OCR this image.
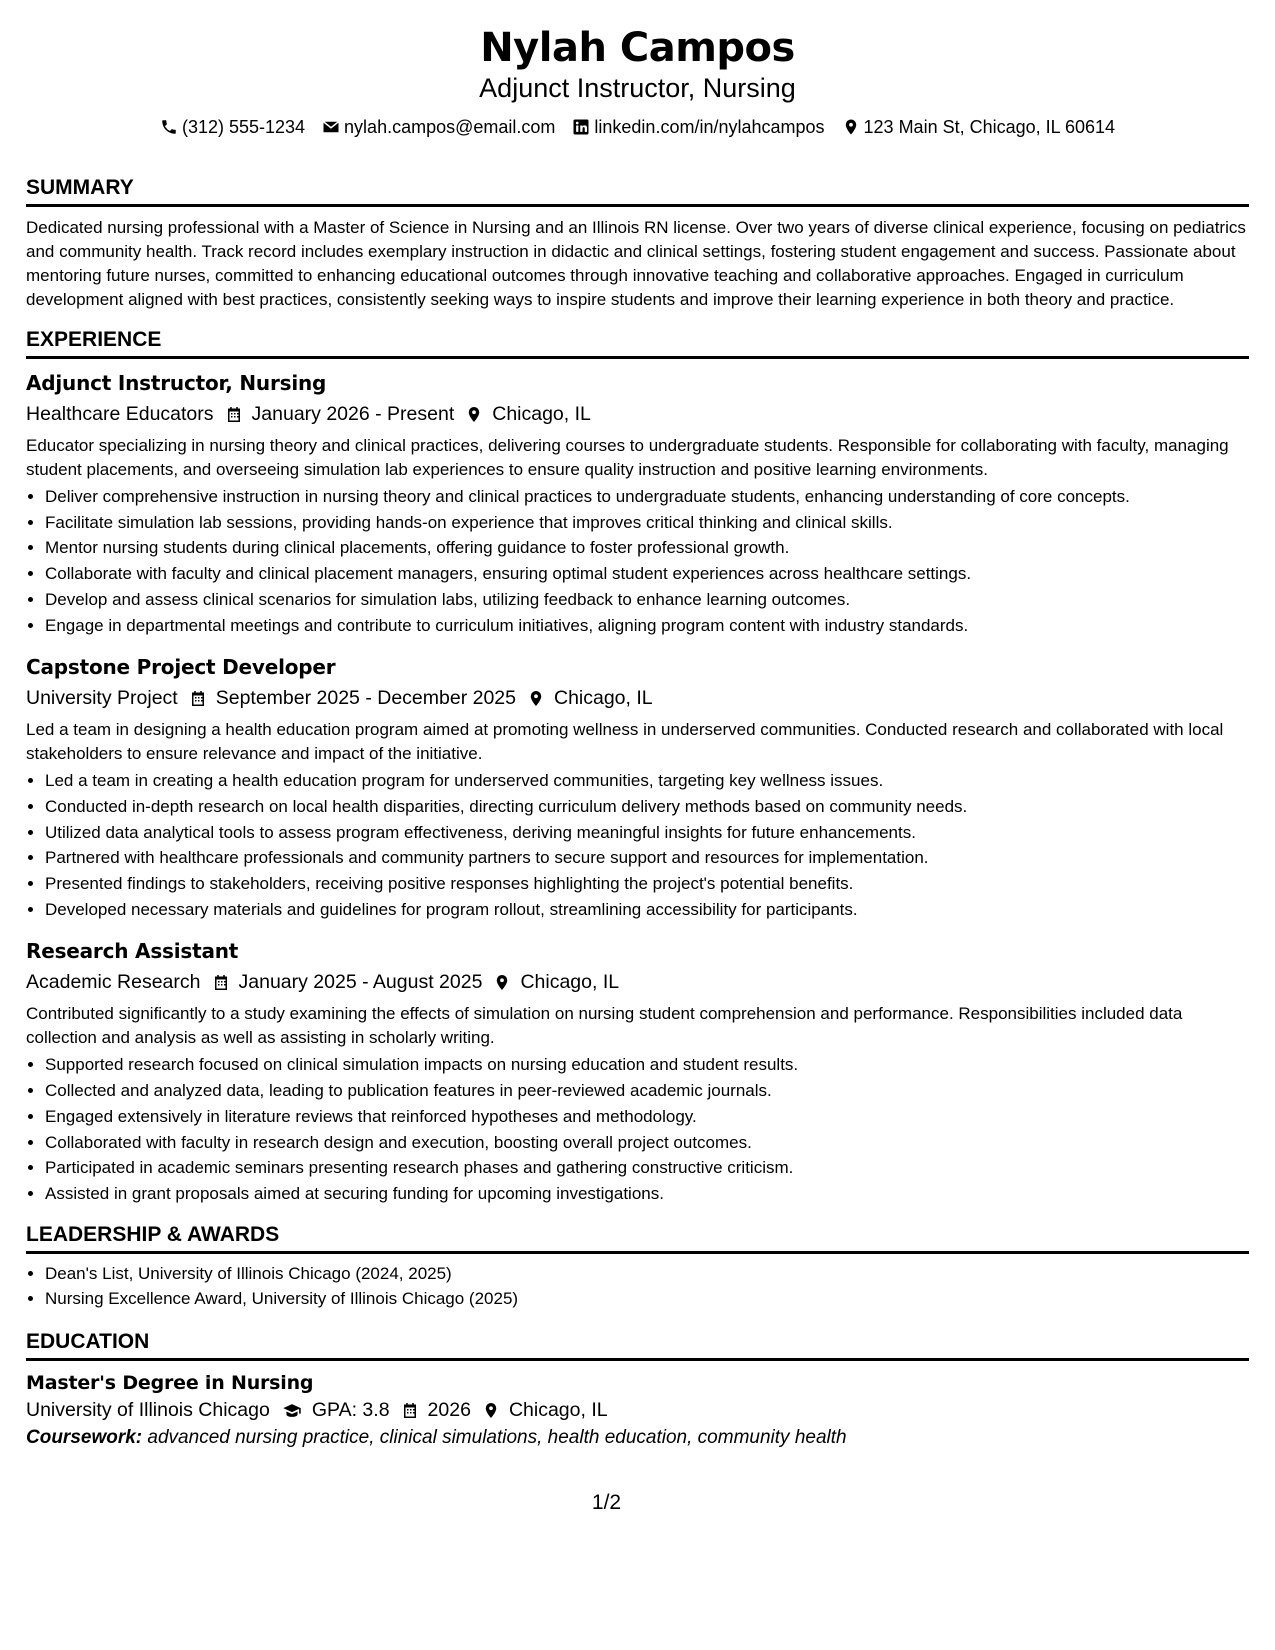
Nylah Campos
Adjunct Instructor, Nursing
(312) 555-1234 nylah.campos@email.com linkedin.com/in/nylahcampos 123 Main St, Chicago, IL 60614
SUMMARY
Dedicated nursing professional with a Master of Science in Nursing and an Illinois RN license. Over two years of diverse clinical experience, focusing on pediatrics and community health. Track record includes exemplary instruction in didactic and clinical settings, fostering student engagement and success. Passionate about mentoring future nurses, committed to enhancing educational outcomes through innovative teaching and collaborative approaches. Engaged in curriculum development aligned with best practices, consistently seeking ways to inspire students and improve their learning experience in both theory and practice.
EXPERIENCE
Adjunct Instructor, Nursing
Healthcare Educators January 2026 - Present Chicago, IL
Educator specializing in nursing theory and clinical practices, delivering courses to undergraduate students. Responsible for collaborating with faculty, managing student placements, and overseeing simulation lab experiences to ensure quality instruction and positive learning environments.
• Deliver comprehensive instruction in nursing theory and clinical practices to undergraduate students, enhancing understanding of core concepts.
• Facilitate simulation lab sessions, providing hands-on experience that improves critical thinking and clinical skills.
• Mentor nursing students during clinical placements, offering guidance to foster professional growth.
• Collaborate with faculty and clinical placement managers, ensuring optimal student experiences across healthcare settings.
• Develop and assess clinical scenarios for simulation labs, utilizing feedback to enhance learning outcomes.
• Engage in departmental meetings and contribute to curriculum initiatives, aligning program content with industry standards.
Capstone Project Developer
University Project September 2025 - December 2025 Chicago, IL
Led a team in designing a health education program aimed at promoting wellness in underserved communities. Conducted research and collaborated with local stakeholders to ensure relevance and impact of the initiative.
• Led a team in creating a health education program for underserved communities, targeting key wellness issues.
• Conducted in-depth research on local health disparities, directing curriculum delivery methods based on community needs.
• Utilized data analytical tools to assess program effectiveness, deriving meaningful insights for future enhancements.
• Partnered with healthcare professionals and community partners to secure support and resources for implementation.
• Presented findings to stakeholders, receiving positive responses highlighting the project's potential benefits.
• Developed necessary materials and guidelines for program rollout, streamlining accessibility for participants.
Research Assistant
Academic Research January 2025 - August 2025 Chicago, IL
Contributed significantly to a study examining the effects of simulation on nursing student comprehension and performance. Responsibilities included data collection and analysis as well as assisting in scholarly writing.
• Supported research focused on clinical simulation impacts on nursing education and student results.
• Collected and analyzed data, leading to publication features in peer-reviewed academic journals.
• Engaged extensively in literature reviews that reinforced hypotheses and methodology.
• Collaborated with faculty in research design and execution, boosting overall project outcomes.
• Participated in academic seminars presenting research phases and gathering constructive criticism.
• Assisted in grant proposals aimed at securing funding for upcoming investigations.
LEADERSHIP & AWARDS
• Dean's List, University of Illinois Chicago (2024, 2025)
• Nursing Excellence Award, University of Illinois Chicago (2025)
EDUCATION
Master's Degree in Nursing
University of Illinois Chicago GPA: 3.8 2026 Chicago, IL
Coursework: advanced nursing practice, clinical simulations, health education, community health
1/2
